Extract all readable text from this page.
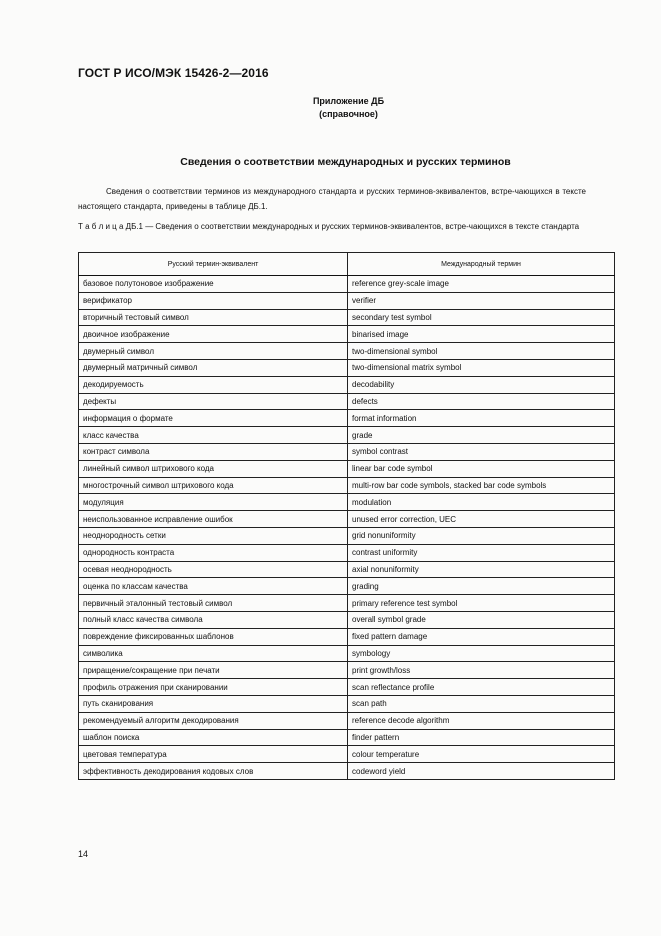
ГОСТ Р ИСО/МЭК 15426-2—2016
Приложение ДБ
(справочное)
Сведения о соответствии международных и русских терминов
Сведения о соответствии терминов из международного стандарта и русских терминов-эквивалентов, встре-чающихся в тексте настоящего стандарта, приведены в таблице ДБ.1.
Т а б л и ц а ДБ.1 — Сведения о соответствии международных и русских терминов-эквивалентов, встре-чающихся в тексте стандарта
Русский термин-эквивалент	Международный термин
базовое полутоновое изображение	reference grey-scale image
верификатор	verifier
вторичный тестовый символ	secondary test symbol
двоичное изображение	binarised image
двумерный символ	two-dimensional symbol
двумерный матричный символ	two-dimensional matrix symbol
декодируемость	decodability
дефекты	defects
информация о формате	format information
класс качества	grade
контраст символа	symbol contrast
линейный символ штрихового кода	linear bar code symbol
многострочный символ штрихового кода	multi-row bar code symbols, stacked bar code symbols
модуляция	modulation
неиспользованное исправление ошибок	unused error correction, UEC
неоднородность сетки	grid nonuniformity
однородность контраста	contrast uniformity
осевая неоднородность	axial nonuniformity
оценка по классам качества	grading
первичный эталонный тестовый символ	primary reference test symbol
полный класс качества символа	overall symbol grade
повреждение фиксированных шаблонов	fixed pattern damage
символика	symbology
приращение/сокращение при печати	print growth/loss
профиль отражения при сканировании	scan reflectance profile
путь сканирования	scan path
рекомендуемый алгоритм декодирования	reference decode algorithm
шаблон поиска	finder pattern
цветовая температура	colour temperature
эффективность декодирования кодовых слов	codeword yield
14
